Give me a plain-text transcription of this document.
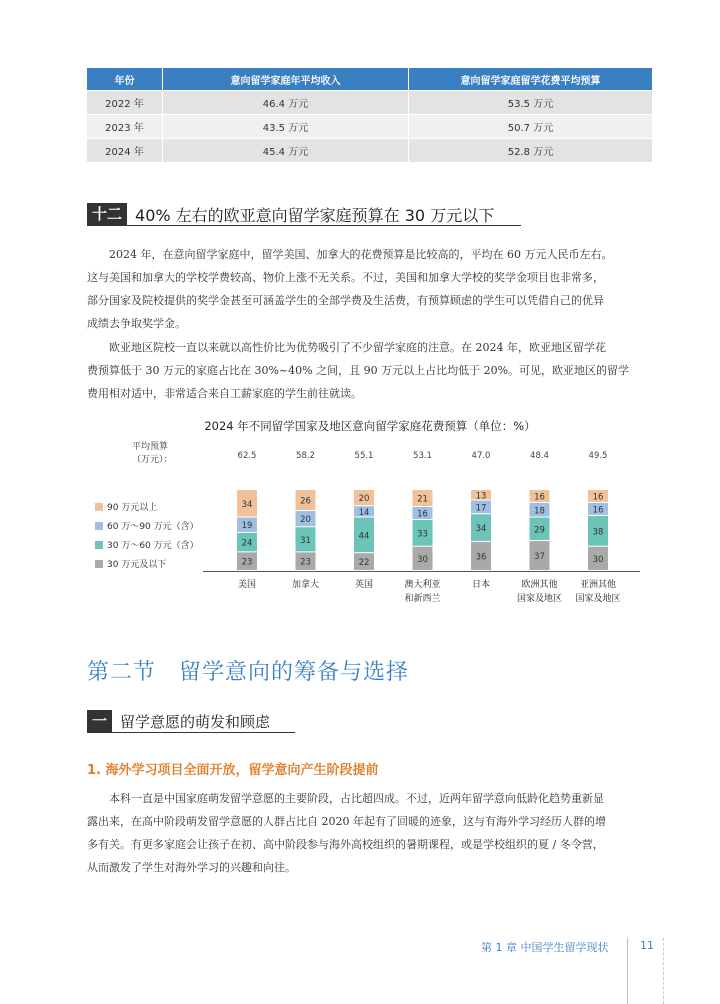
年份	意向留学家庭年平均收入	意向留学家庭留学花费平均预算
2022 年	46.4 万元	53.5 万元
2023 年	43.5 万元	50.7 万元
2024 年	45.4 万元	52.8 万元
十二 40% 左右的欧亚意向留学家庭预算在 30 万元以下
2024 年，在意向留学家庭中，留学美国、加拿大的花费预算是比较高的，平均在 60 万元人民币左右。
这与美国和加拿大的学校学费较高、物价上涨不无关系。不过，美国和加拿大学校的奖学金项目也非常多，
部分国家及院校提供的奖学金甚至可涵盖学生的全部学费及生活费，有预算顾虑的学生可以凭借自己的优异
成绩去争取奖学金。
欧亚地区院校一直以来就以高性价比为优势吸引了不少留学家庭的注意。在 2024 年，欧亚地区留学花
费预算低于 30 万元的家庭占比在 30%~40% 之间，且 90 万元以上占比均低于 20%。可见，欧亚地区的留学
费用相对适中，非常适合来自工薪家庭的学生前往就读。
2024 年不同留学国家及地区意向留学家庭花费预算（单位：%）
平均预算
（万元）：
90 万元以上
60 万～90 万元（含）
30 万～60 万元（含）
30 万元及以下
62.5
23
24
19
34
美国
58.2
23
31
20
26
加拿大
55.1
22
44
14
20
英国
53.1
30
33
16
21
澳大利亚
和新西兰
47.0
36
34
17
13
日本
48.4
37
29
18
16
欧洲其他
国家及地区
49.5
30
38
16
16
亚洲其他
国家及地区
第二节　留学意向的筹备与选择
一 留学意愿的萌发和顾虑
1. 海外学习项目全面开放，留学意向产生阶段提前
本科一直是中国家庭萌发留学意愿的主要阶段，占比超四成。不过，近两年留学意向低龄化趋势重新显
露出来，在高中阶段萌发留学意愿的人群占比自 2020 年起有了回暖的迹象，这与有海外学习经历人群的增
多有关。有更多家庭会让孩子在初、高中阶段参与海外高校组织的暑期课程，或是学校组织的夏 / 冬令营，
从而激发了学生对海外学习的兴趣和向往。
第 1 章 中国学生留学现状	11
